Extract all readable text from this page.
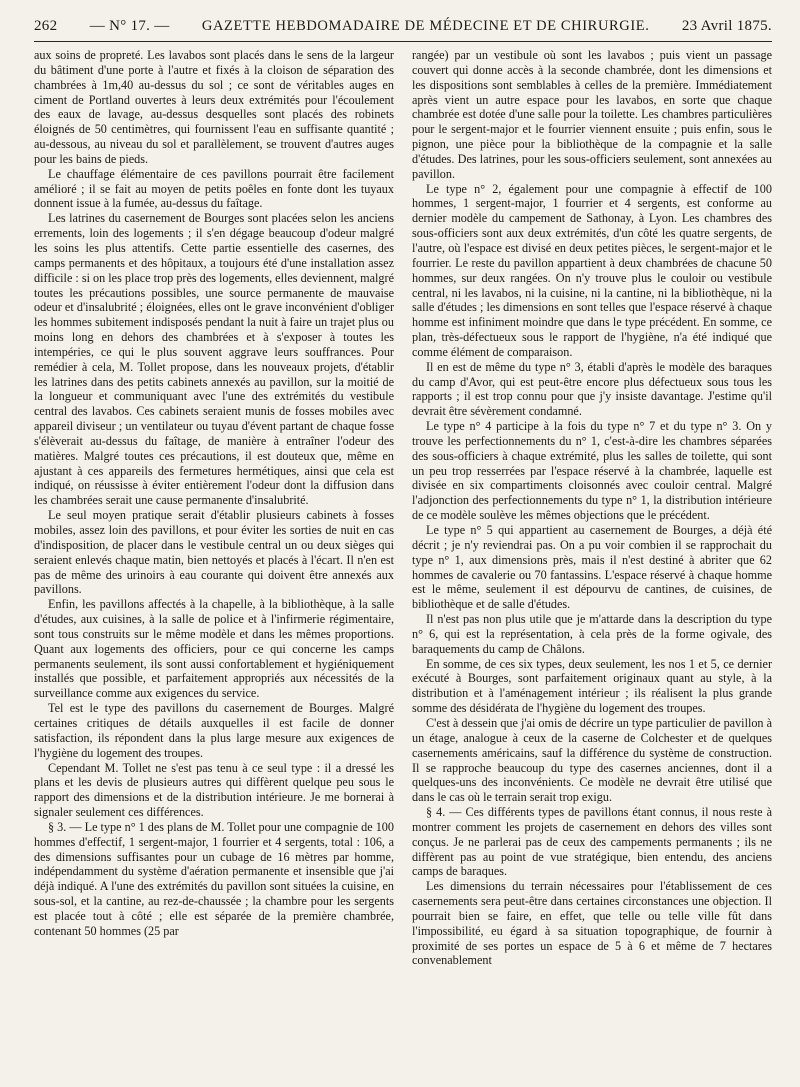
262 — N° 17. — GAZETTE HEBDOMADAIRE DE MÉDECINE ET DE CHIRURGIE. 23 Avril 1875.

aux soins de propreté. Les lavabos sont placés dans le sens de la largeur du bâtiment d'une porte à l'autre et fixés à la cloison de séparation des chambrées à 1m,40 au-dessus du sol ; ce sont de véritables auges en ciment de Portland ouvertes à leurs deux extrémités pour l'écoulement des eaux de lavage, au-dessus desquelles sont placés des robinets éloignés de 50 centimètres, qui fournissent l'eau en suffisante quantité ; au-dessous, au niveau du sol et parallèlement, se trouvent d'autres auges pour les bains de pieds.

Le chauffage élémentaire de ces pavillons pourrait être facilement amélioré ; il se fait au moyen de petits poêles en fonte dont les tuyaux donnent issue à la fumée, au-dessus du faîtage.

Les latrines du casernement de Bourges sont placées selon les anciens errements, loin des logements ; il s'en dégage beaucoup d'odeur malgré les soins les plus attentifs. Cette partie essentielle des casernes, des camps permanents et des hôpitaux, a toujours été d'une installation assez difficile : si on les place trop près des logements, elles deviennent, malgré toutes les précautions possibles, une source permanente de mauvaise odeur et d'insalubrité ; éloignées, elles ont le grave inconvénient d'obliger les hommes subitement indisposés pendant la nuit à faire un trajet plus ou moins long en dehors des chambrées et à s'exposer à toutes les intempéries, ce qui le plus souvent aggrave leurs souffrances. Pour remédier à cela, M. Tollet propose, dans les nouveaux projets, d'établir les latrines dans des petits cabinets annexés au pavillon, sur la moitié de la longueur et communiquant avec l'une des extrémités du vestibule central des lavabos. Ces cabinets seraient munis de fosses mobiles avec appareil diviseur ; un ventilateur ou tuyau d'évent partant de chaque fosse s'élèverait au-dessus du faîtage, de manière à entraîner l'odeur des matières. Malgré toutes ces précautions, il est douteux que, même en ajustant à ces appareils des fermetures hermétiques, ainsi que cela est indiqué, on réussisse à éviter entièrement l'odeur dont la diffusion dans les chambrées serait une cause permanente d'insalubrité.

Le seul moyen pratique serait d'établir plusieurs cabinets à fosses mobiles, assez loin des pavillons, et pour éviter les sorties de nuit en cas d'indisposition, de placer dans le vestibule central un ou deux sièges qui seraient enlevés chaque matin, bien nettoyés et placés à l'écart. Il n'en est pas de même des urinoirs à eau courante qui doivent être annexés aux pavillons.

Enfin, les pavillons affectés à la chapelle, à la bibliothèque, à la salle d'études, aux cuisines, à la salle de police et à l'infirmerie régimentaire, sont tous construits sur le même modèle et dans les mêmes proportions. Quant aux logements des officiers, pour ce qui concerne les camps permanents seulement, ils sont aussi confortablement et hygiéniquement installés que possible, et parfaitement appropriés aux nécessités de la surveillance comme aux exigences du service.

Tel est le type des pavillons du casernement de Bourges. Malgré certaines critiques de détails auxquelles il est facile de donner satisfaction, ils répondent dans la plus large mesure aux exigences de l'hygiène du logement des troupes.

Cependant M. Tollet ne s'est pas tenu à ce seul type : il a dressé les plans et les devis de plusieurs autres qui diffèrent quelque peu sous le rapport des dimensions et de la distribution intérieure. Je me bornerai à signaler seulement ces différences.

§ 3. — Le type n° 1 des plans de M. Tollet pour une compagnie de 100 hommes d'effectif, 1 sergent-major, 1 fourrier et 4 sergents, total : 106, a des dimensions suffisantes pour un cubage de 16 mètres par homme, indépendamment du système d'aération permanente et insensible que j'ai déjà indiqué. A l'une des extrémités du pavillon sont situées la cuisine, en sous-sol, et la cantine, au rez-de-chaussée ; la chambre pour les sergents est placée tout à côté ; elle est séparée de la première chambrée, contenant 50 hommes (25 par

rangée) par un vestibule où sont les lavabos ; puis vient un passage couvert qui donne accès à la seconde chambrée, dont les dimensions et les dispositions sont semblables à celles de la première. Immédiatement après vient un autre espace pour les lavabos, en sorte que chaque chambrée est dotée d'une salle pour la toilette. Les chambres particulières pour le sergent-major et le fourrier viennent ensuite ; puis enfin, sous le pignon, une pièce pour la bibliothèque de la compagnie et la salle d'études. Des latrines, pour les sous-officiers seulement, sont annexées au pavillon.

Le type n° 2, également pour une compagnie à effectif de 100 hommes, 1 sergent-major, 1 fourrier et 4 sergents, est conforme au dernier modèle du campement de Sathonay, à Lyon. Les chambres des sous-officiers sont aux deux extrémités, d'un côté les quatre sergents, de l'autre, où l'espace est divisé en deux petites pièces, le sergent-major et le fourrier. Le reste du pavillon appartient à deux chambrées de chacune 50 hommes, sur deux rangées. On n'y trouve plus le couloir ou vestibule central, ni les lavabos, ni la cuisine, ni la cantine, ni la bibliothèque, ni la salle d'études ; les dimensions en sont telles que l'espace réservé à chaque homme est infiniment moindre que dans le type précédent. En somme, ce plan, très-défectueux sous le rapport de l'hygiène, n'a été indiqué que comme élément de comparaison.

Il en est de même du type n° 3, établi d'après le modèle des baraques du camp d'Avor, qui est peut-être encore plus défectueux sous tous les rapports ; il est trop connu pour que j'y insiste davantage. J'estime qu'il devrait être sévèrement condamné.

Le type n° 4 participe à la fois du type n° 7 et du type n° 3. On y trouve les perfectionnements du n° 1, c'est-à-dire les chambres séparées des sous-officiers à chaque extrémité, plus les salles de toilette, qui sont un peu trop resserrées par l'espace réservé à la chambrée, laquelle est divisée en six compartiments cloisonnés avec couloir central. Malgré l'adjonction des perfectionnements du type n° 1, la distribution intérieure de ce modèle soulève les mêmes objections que le précédent.

Le type n° 5 qui appartient au casernement de Bourges, a déjà été décrit ; je n'y reviendrai pas. On a pu voir combien il se rapprochait du type n° 1, aux dimensions près, mais il n'est destiné à abriter que 62 hommes de cavalerie ou 70 fantassins. L'espace réservé à chaque homme est le même, seulement il est dépourvu de cantines, de cuisines, de bibliothèque et de salle d'études.

Il n'est pas non plus utile que je m'attarde dans la description du type n° 6, qui est la représentation, à cela près de la forme ogivale, des baraquements du camp de Châlons.

En somme, de ces six types, deux seulement, les nos 1 et 5, ce dernier exécuté à Bourges, sont parfaitement originaux quant au style, à la distribution et à l'aménagement intérieur ; ils réalisent la plus grande somme des désidérata de l'hygiène du logement des troupes.

C'est à dessein que j'ai omis de décrire un type particulier de pavillon à un étage, analogue à ceux de la caserne de Colchester et de quelques casernements américains, sauf la différence du système de construction. Il se rapproche beaucoup du type des casernes anciennes, dont il a quelques-uns des inconvénients. Ce modèle ne devrait être utilisé que dans le cas où le terrain serait trop exigu.

§ 4. — Ces différents types de pavillons étant connus, il nous reste à montrer comment les projets de casernement en dehors des villes sont conçus. Je ne parlerai pas de ceux des campements permanents ; ils ne diffèrent pas au point de vue stratégique, bien entendu, des anciens camps de baraques.

Les dimensions du terrain nécessaires pour l'établissement de ces casernements sera peut-être dans certaines circonstances une objection. Il pourrait bien se faire, en effet, que telle ou telle ville fût dans l'impossibilité, eu égard à sa situation topographique, de fournir à proximité de ses portes un espace de 5 à 6 et même de 7 hectares convenablement
